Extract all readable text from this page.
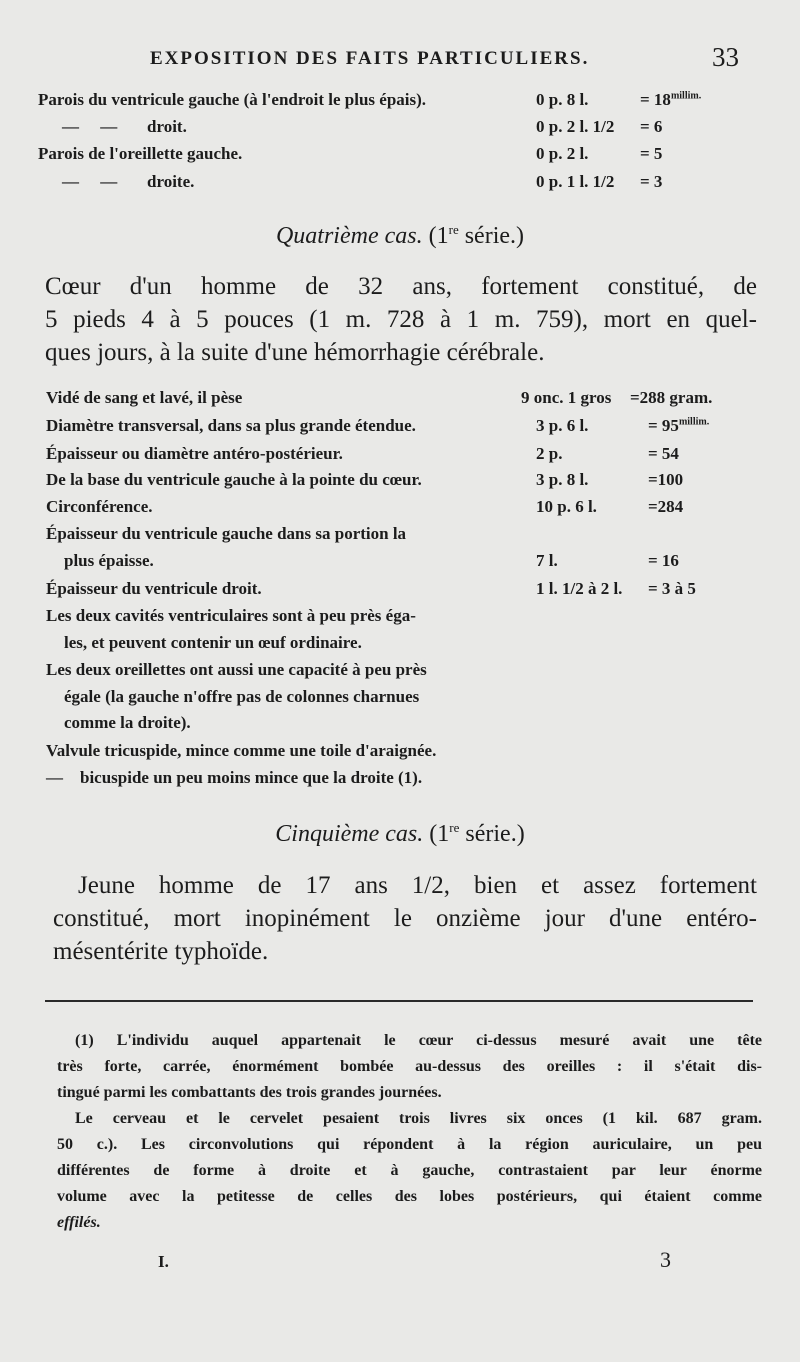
EXPOSITION DES FAITS PARTICULIERS.	33
Parois du ventricule gauche (à l'endroit le plus épais).	0 p. 8 l.	= $18^{millim.}$
—     —       droit.	0 p. 2 l. 1/2 = 6
Parois de l'oreillette gauche.	0 p. 2 l.	= 5
—     —       droite.	0 p. 1 l. 1/2 = 3
Quatrième cas. (1re série.)
Cœur d'un homme de 32 ans, fortement constitué, de
5 pieds 4 à 5 pouces (1 m. 728 à 1 m. 759), mort en quel-
ques jours, à la suite d'une hémorrhagie cérébrale.
Vidé de sang et lavé, il pèse	9 onc. 1 gros =288 gram.
Diamètre transversal, dans sa plus grande étendue.	3 p. 6 l.	= $95^{millim.}$
Épaisseur ou diamètre antéro-postérieur.	2 p.	= 54
De la base du ventricule gauche à la pointe du cœur.	3 p. 8 l.	=100
Circonférence.	10 p. 6 l.	=284
Épaisseur du ventricule gauche dans sa portion la
plus épaisse.	7 l.	= 16
Épaisseur du ventricule droit.	1 l. 1/2 à 2 l. = 3 à 5
Les deux cavités ventriculaires sont à peu près éga-
les, et peuvent contenir un œuf ordinaire.
Les deux oreillettes ont aussi une capacité à peu près
égale (la gauche n'offre pas de colonnes charnues
comme la droite).
Valvule tricuspide, mince comme une toile d'araignée.
—    bicuspide un peu moins mince que la droite (1).
Cinquième cas. (1re série.)
Jeune homme de 17 ans 1/2, bien et assez fortement
constitué, mort inopinément le onzième jour d'une entéro-
mésentérite typhoïde.
(1) L'individu auquel appartenait le cœur ci-dessus mesuré avait une tête
très forte, carrée, énormément bombée au-dessus des oreilles : il s'était dis-
tingué parmi les combattants des trois grandes journées.
Le cerveau et le cervelet pesaient trois livres six onces (1 kil. 687 gram.
50 c.). Les circonvolutions qui répondent à la région auriculaire, un peu
différentes de forme à droite et à gauche, contrastaient par leur énorme
volume avec la petitesse de celles des lobes postérieurs, qui étaient comme
effilés.
I.	3
